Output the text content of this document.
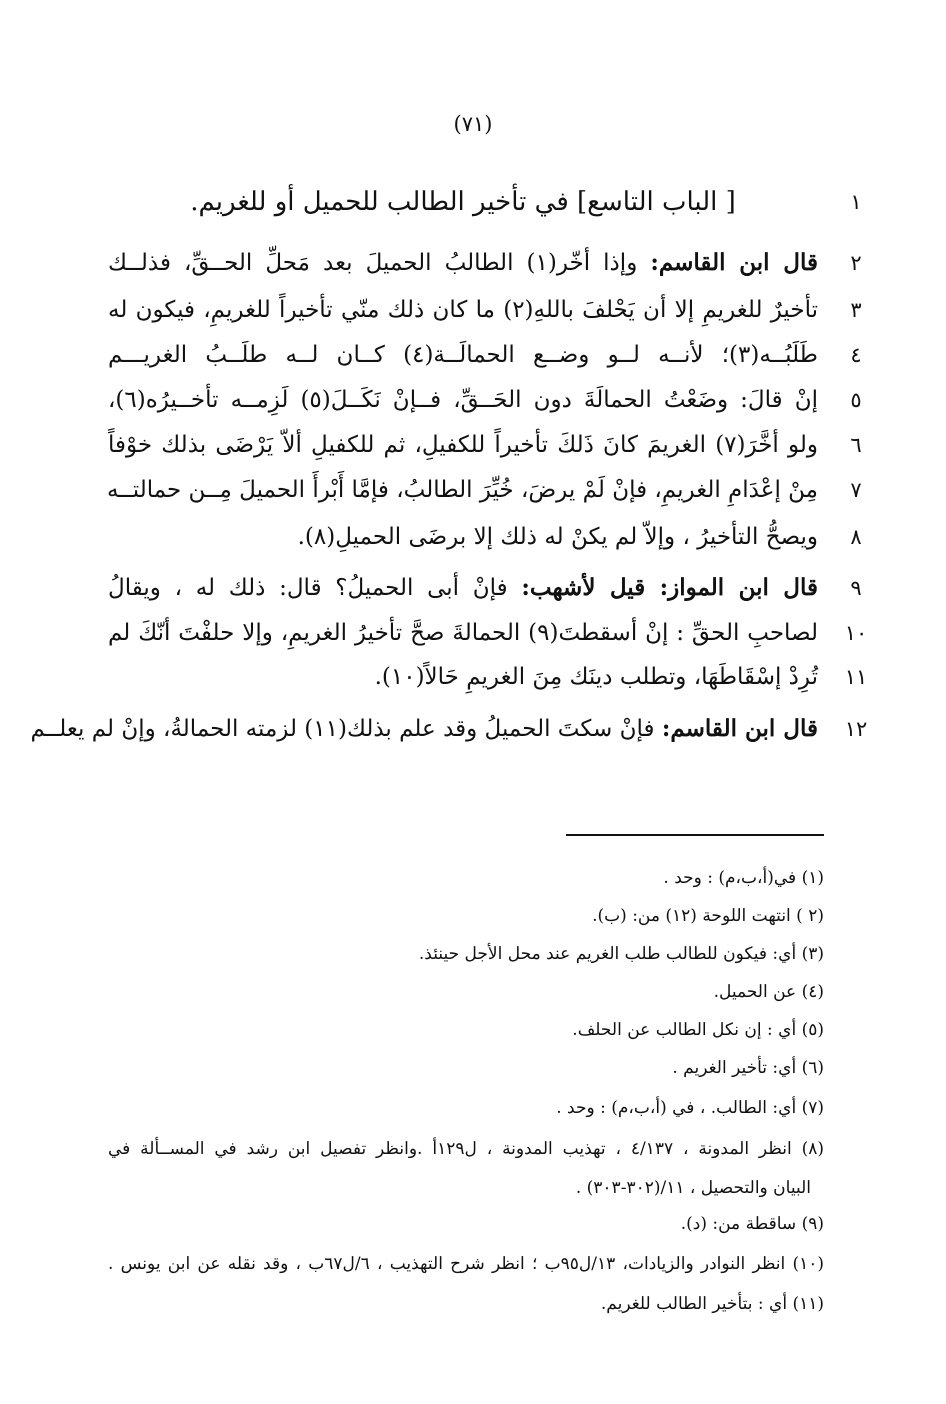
(٧١)
١
[ الباب التاسع] في تأخير الطالب للحميل أو للغريم.
٢
قال ابن القاسم: وإذا أخّر(١) الطالبُ الحميلَ بعد مَحلِّ الحــقِّ، فذلــك
٣
تأخيرٌ للغريمِ إلا أن يَحْلفَ باللهِ(٢) ما كان ذلك منّي تأخيراً للغريمِ، فيكون له
٤
طَلَبُــه(٣)؛ لأنــه لــو وضــع الحمالَــة(٤) كــان لــه طلَــبُ الغريـــم
٥
إنْ قالَ: وضَعْتُ الحمالَةَ دون الحَــقِّ، فــإنْ نَكَــلَ(٥) لَزِمــه تأخــيرُه(٦)،
٦
ولو أخَّرَ(٧) الغريمَ كانَ ذَلكَ تأخيراً للكفيلِ، ثم للكفيلِ ألاّ يَرْضَى بذلك خوْفاً
٧
مِنْ إعْدَامِ الغريمِ، فإنْ لَمْ يرضَ، خُيِّرَ الطالبُ، فإمَّا أَبْرأَ الحميلَ مِــن حمالتــه
٨
ويصحُّ التأخيرُ ، وإلاّ لم يكنْ له ذلك إلا برضَى الحميلِ(٨).
٩
قال ابن المواز: قيل لأشهب: فإنْ أبى الحميلُ؟ قال: ذلك له ، ويقالُ
١٠
لصاحبِ الحقِّ : إنْ أسقطتَ(٩) الحمالةَ صحَّ تأخيرُ الغريمِ، وإلا حلفْتَ أنّكَ لم
١١
تُرِدْ إسْقَاطَهَا، وتطلب دينَك مِنَ الغريمِ حَالاً(١٠).
١٢
قال ابن القاسم: فإنْ سكتَ الحميلُ وقد علم بذلك(١١) لزمته الحمالةُ، وإنْ لم يعلــم
(١) في(أ،ب،م) : وحد .
(٢ ) انتهت اللوحة (١٢) من: (ب).
(٣) أي: فيكون للطالب طلب الغريم عند محل الأجل حينئذ.
(٤) عن الحميل.
(٥) أي : إن نكل الطالب عن الحلف.
(٦) أي: تأخير الغريم .
(٧) أي: الطالب. ، في (أ،ب،م) : وحد .
(٨) انظر المدونة ، ٤/١٣٧ ، تهذيب المدونة ، ل١٢٩أ .وانظر تفصيل ابن رشد في المســألة في
البيان والتحصيل ، ١١/(٣٠٢-٣٠٣) .
(٩) ساقطة من: (د).
(١٠) انظر النوادر والزيادات، ١٣/ل٩٥ب ؛ انظر شرح التهذيب ، ٦/ل٦٧ب ، وقد نقله عن ابن يونس .
(١١) أي : بتأخير الطالب للغريم.
